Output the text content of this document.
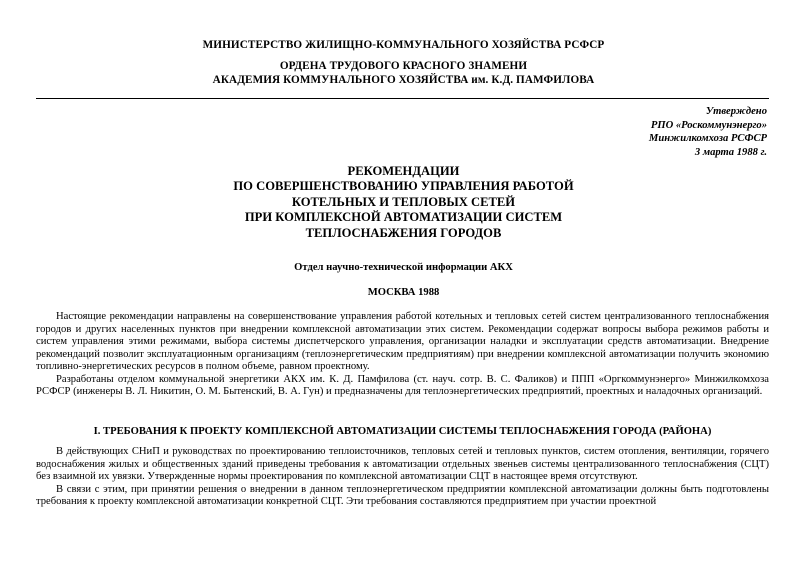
МИНИСТЕРСТВО ЖИЛИЩНО-КОММУНАЛЬНОГО ХОЗЯЙСТВА РСФСР
ОРДЕНА ТРУДОВОГО КРАСНОГО ЗНАМЕНИ
АКАДЕМИЯ КОММУНАЛЬНОГО ХОЗЯЙСТВА им. К.Д. ПАМФИЛОВА
Утверждено
РПО «Роскоммунэнерго»
Минжилкомхоза РСФСР
3 марта 1988 г.
РЕКОМЕНДАЦИИ
ПО СОВЕРШЕНСТВОВАНИЮ УПРАВЛЕНИЯ РАБОТОЙ
КОТЕЛЬНЫХ И ТЕПЛОВЫХ СЕТЕЙ
ПРИ КОМПЛЕКСНОЙ АВТОМАТИЗАЦИИ СИСТЕМ
ТЕПЛОСНАБЖЕНИЯ ГОРОДОВ
Отдел научно-технической информации АКХ
МОСКВА 1988

Настоящие рекомендации направлены на совершенствование управления работой котельных и тепловых сетей систем централизованного теплоснабжения городов и других населенных пунктов при внедрении комплексной автоматизации этих систем. Рекомендации содержат вопросы выбора режимов работы и систем управления этими режимами, выбора системы диспетчерского управления, организации наладки и эксплуатации средств автоматизации. Внедрение рекомендаций позволит эксплуатационным организациям (теплоэнергетическим предприятиям) при внедрении комплексной автоматизации получить экономию топливно-энергетических ресурсов в полном объеме, равном проектному.

Разработаны отделом коммунальной энергетики АКХ им. К. Д. Памфилова (ст. науч. сотр. В. С. Фаликов) и ППП «Оргкоммунэнерго» Минжилкомхоза РСФСР (инженеры В. Л. Никитин, О. М. Бытенский, В. А. Гун) и предназначены для теплоэнергетических предприятий, проектных и наладочных организаций.

I. ТРЕБОВАНИЯ К ПРОЕКТУ КОМПЛЕКСНОЙ АВТОМАТИЗАЦИИ СИСТЕМЫ ТЕПЛОСНАБЖЕНИЯ ГОРОДА (РАЙОНА)

В действующих СНиП и руководствах по проектированию теплоисточников, тепловых сетей и тепловых пунктов, систем отопления, вентиляции, горячего водоснабжения жилых и общественных зданий приведены требования к автоматизации отдельных звеньев системы централизованного теплоснабжения (СЦТ) без взаимной их увязки. Утвержденные нормы проектирования по комплексной автоматизации СЦТ в настоящее время отсутствуют.

В связи с этим, при принятии решения о внедрении в данном теплоэнергетическом предприятии комплексной автоматизации должны быть подготовлены требования к проекту комплексной автоматизации конкретной СЦТ. Эти требования составляются предприятием при участии проектной
